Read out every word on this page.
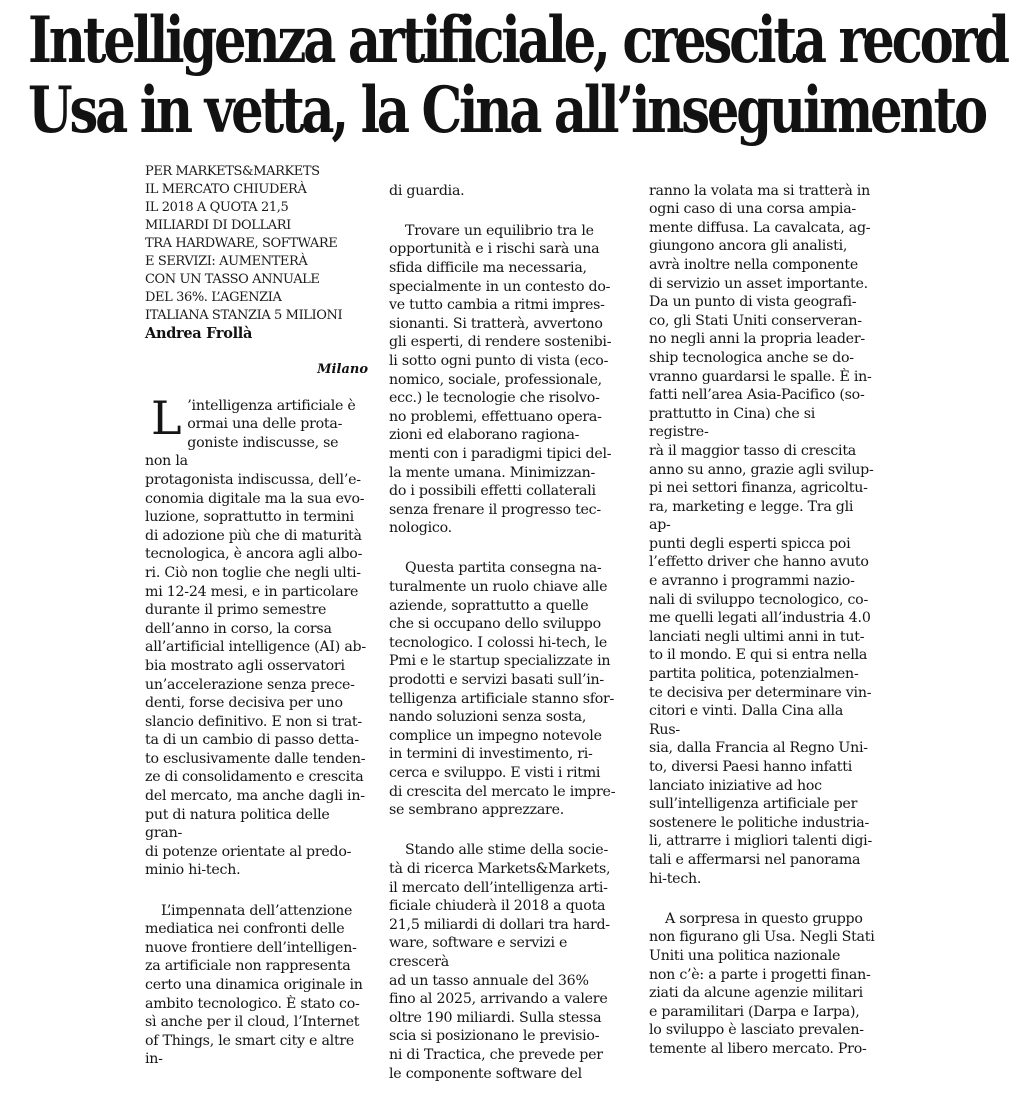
Intelligenza artificiale, crescita record
Usa in vetta, la Cina all’inseguimento

PER MARKETS&MARKETS
IL MERCATO CHIUDERÀ
IL 2018 A QUOTA 21,5
MILIARDI DI DOLLARI
TRA HARDWARE, SOFTWARE
E SERVIZI: AUMENTERÀ
CON UN TASSO ANNUALE
DEL 36%. L’AGENZIA
ITALIANA STANZIA 5 MILIONI

Andrea Frollà

Milano

L ’intelligenza artificiale è
ormai una delle prota-
goniste indiscusse, se non la
protagonista indiscussa, dell’e-
conomia digitale ma la sua evo-
luzione, soprattutto in termini
di adozione più che di maturità
tecnologica, è ancora agli albo-
ri. Ciò non toglie che negli ulti-
mi 12-24 mesi, e in particolare
durante il primo semestre
dell’anno in corso, la corsa
all’artificial intelligence (AI) ab-
bia mostrato agli osservatori
un’accelerazione senza prece-
denti, forse decisiva per uno
slancio definitivo. E non si trat-
ta di un cambio di passo detta-
to esclusivamente dalle tenden-
ze di consolidamento e crescita
del mercato, ma anche dagli in-
put di natura politica delle gran-
di potenze orientate al predo-
minio hi-tech.

L’impennata dell’attenzione
mediatica nei confronti delle
nuove frontiere dell’intelligen-
za artificiale non rappresenta
certo una dinamica originale in
ambito tecnologico. È stato co-
sì anche per il cloud, l’Internet
of Things, le smart city e altre in-

di guardia.

Trovare un equilibrio tra le
opportunità e i rischi sarà una
sfida difficile ma necessaria,
specialmente in un contesto do-
ve tutto cambia a ritmi impres-
sionanti. Si tratterà, avvertono
gli esperti, di rendere sostenibi-
li sotto ogni punto di vista (eco-
nomico, sociale, professionale,
ecc.) le tecnologie che risolvo-
no problemi, effettuano opera-
zioni ed elaborano ragiona-
menti con i paradigmi tipici del-
la mente umana. Minimizzan-
do i possibili effetti collaterali
senza frenare il progresso tec-
nologico.

Questa partita consegna na-
turalmente un ruolo chiave alle
aziende, soprattutto a quelle
che si occupano dello sviluppo
tecnologico. I colossi hi-tech, le
Pmi e le startup specializzate in
prodotti e servizi basati sull’in-
telligenza artificiale stanno sfor-
nando soluzioni senza sosta,
complice un impegno notevole
in termini di investimento, ri-
cerca e sviluppo. E visti i ritmi
di crescita del mercato le impre-
se sembrano apprezzare.

Stando alle stime della socie-
tà di ricerca Markets&Markets,
il mercato dell’intelligenza arti-
ficiale chiuderà il 2018 a quota
21,5 miliardi di dollari tra hard-
ware, software e servizi e crescerà
ad un tasso annuale del 36%
fino al 2025, arrivando a valere
oltre 190 miliardi. Sulla stessa
scia si posizionano le previsio-
ni di Tractica, che prevede per
le componente software del

ranno la volata ma si tratterà in
ogni caso di una corsa ampia-
mente diffusa. La cavalcata, ag-
giungono ancora gli analisti,
avrà inoltre nella componente
di servizio un asset importante.
Da un punto di vista geografi-
co, gli Stati Uniti conserveran-
no negli anni la propria leader-
ship tecnologica anche se do-
vranno guardarsi le spalle. È in-
fatti nell’area Asia-Pacifico (so-
prattutto in Cina) che si registre-
rà il maggior tasso di crescita
anno su anno, grazie agli svilup-
pi nei settori finanza, agricoltu-
ra, marketing e legge. Tra gli ap-
punti degli esperti spicca poi
l’effetto driver che hanno avuto
e avranno i programmi nazio-
nali di sviluppo tecnologico, co-
me quelli legati all’industria 4.0
lanciati negli ultimi anni in tut-
to il mondo. E qui si entra nella
partita politica, potenzialmen-
te decisiva per determinare vin-
citori e vinti. Dalla Cina alla Rus-
sia, dalla Francia al Regno Uni-
to, diversi Paesi hanno infatti
lanciato iniziative ad hoc
sull’intelligenza artificiale per
sostenere le politiche industria-
li, attrarre i migliori talenti digi-
tali e affermarsi nel panorama
hi-tech.

A sorpresa in questo gruppo
non figurano gli Usa. Negli Stati
Uniti una politica nazionale
non c’è: a parte i progetti finan-
ziati da alcune agenzie militari
e paramilitari (Darpa e Iarpa),
lo sviluppo è lasciato prevalen-
temente al libero mercato. Pro-
